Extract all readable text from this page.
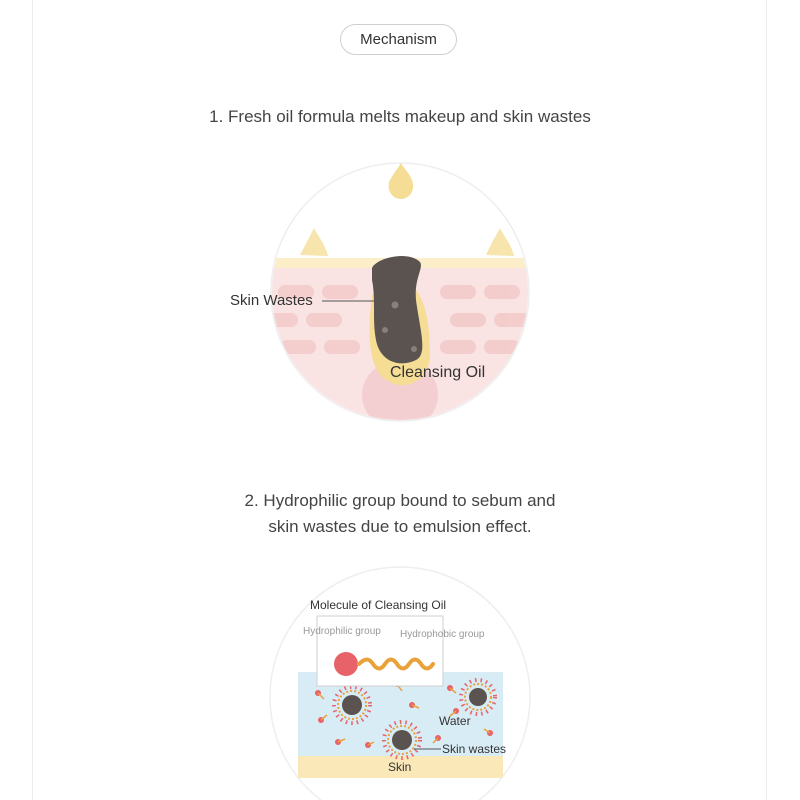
Mechanism
1. Fresh oil formula melts makeup and skin wastes
Skin Wastes
Cleansing Oil
2. Hydrophilic group bound to sebum and
skin wastes due to emulsion effect.
Molecule of Cleansing Oil
Hydrophilic group Hydrophobic group
Water
Skin wastes
Skin
